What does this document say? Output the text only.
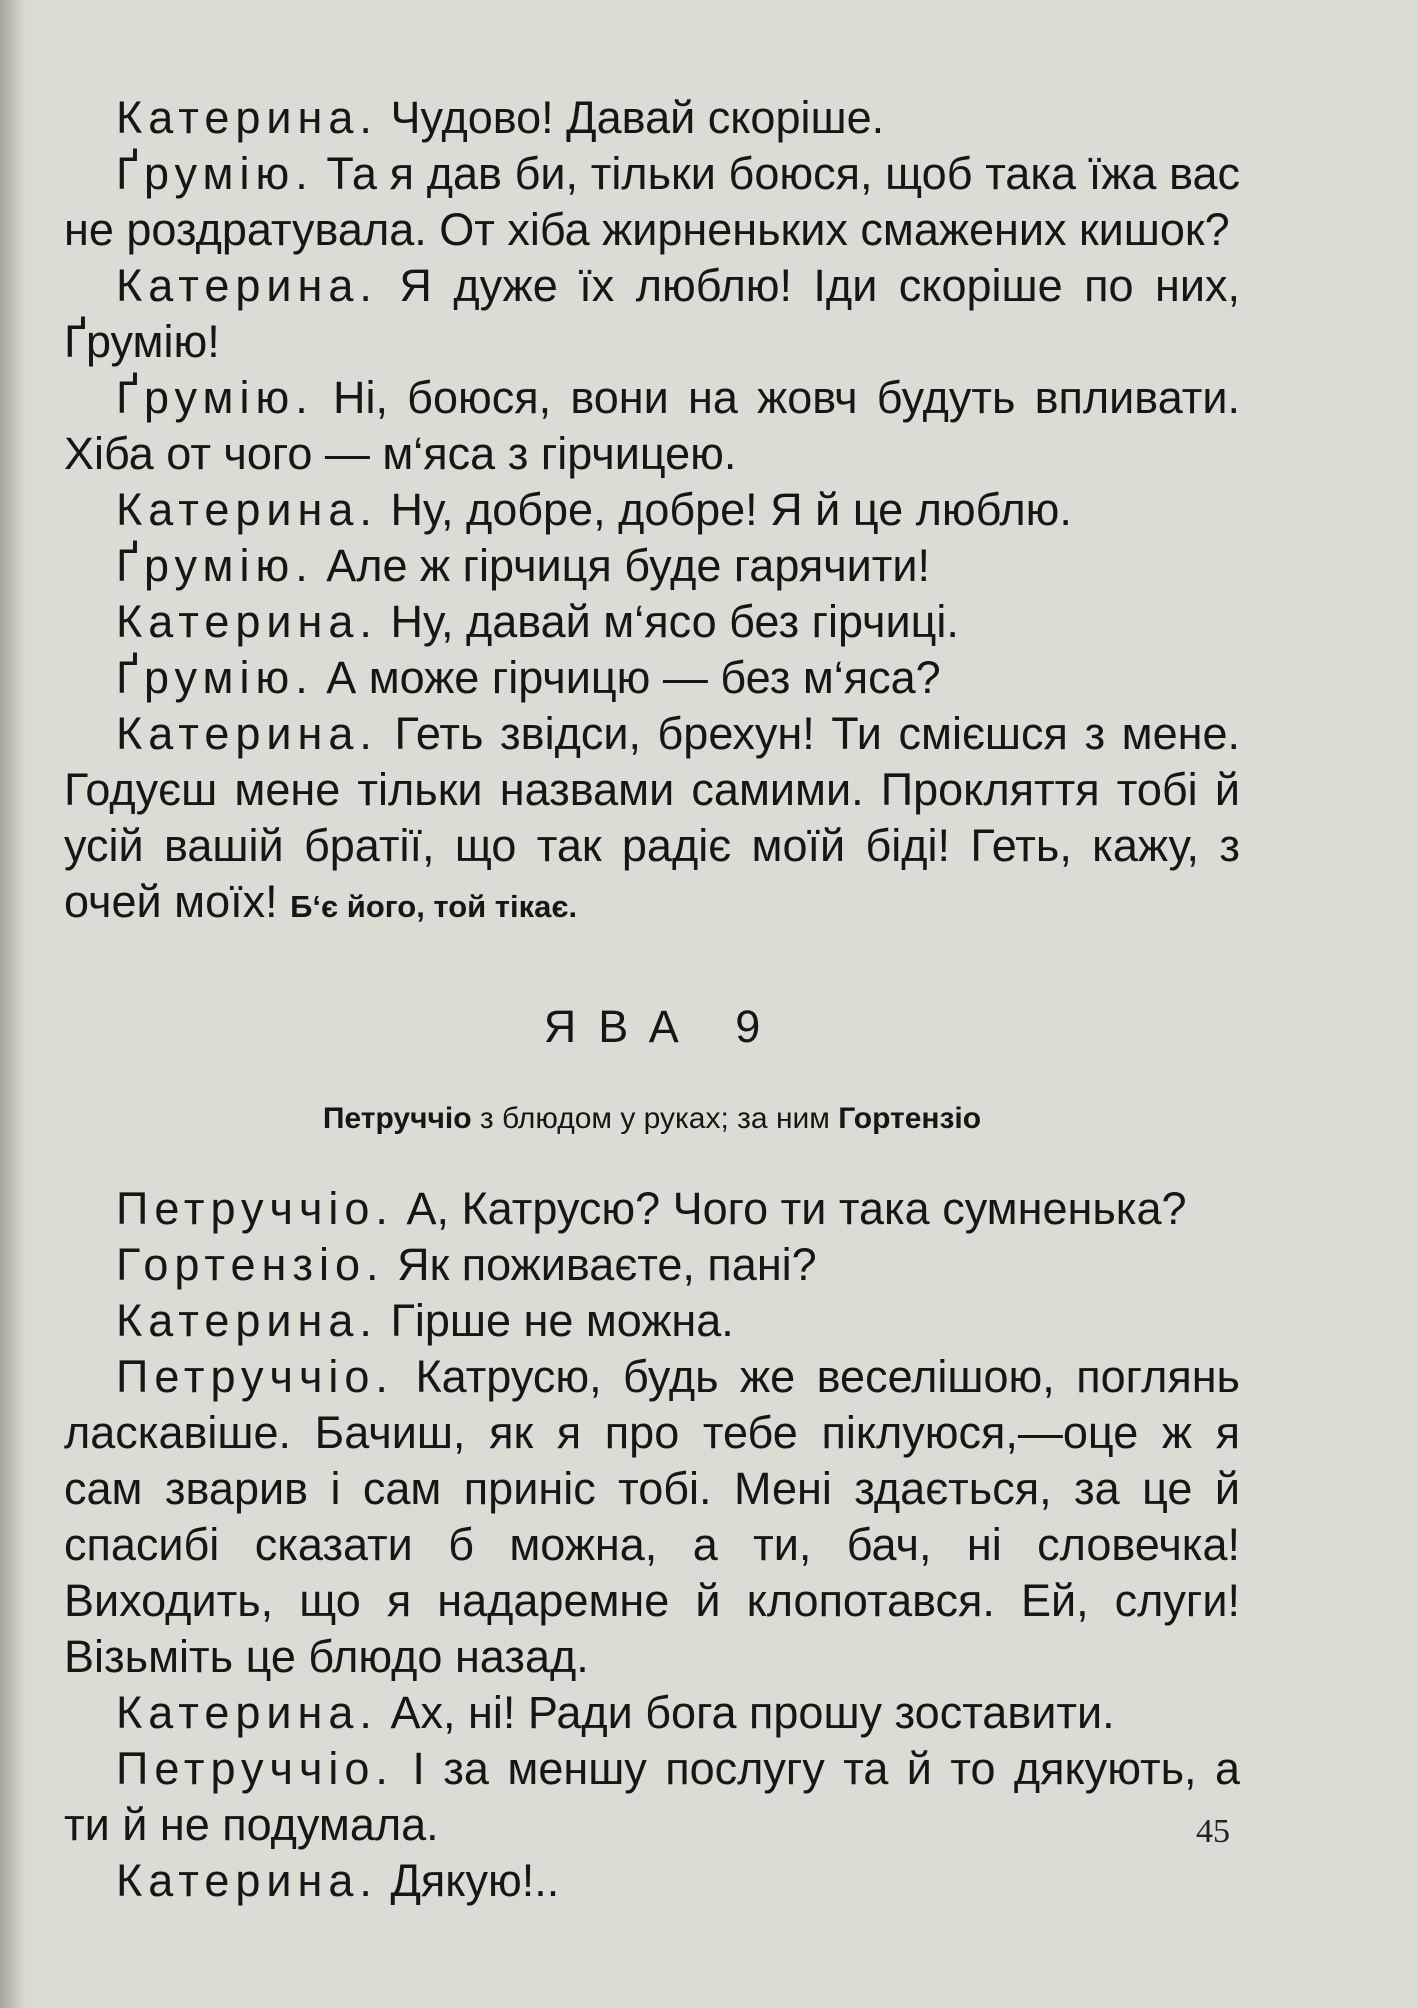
Катерина. Чудово! Давай скоріше.

Ґрумію. Та я дав би, тільки боюся, щоб така їжа вас не роздратувала. От хіба жирненьких смажених кишок?

Катерина. Я дуже їх люблю! Іди скоріше по них, Ґрумію!

Ґрумію. Ні, боюся, вони на жовч будуть впливати. Хіба от чого — м‘яса з гірчицею.

Катерина. Ну, добре, добре! Я й це люблю.

Ґрумію. Але ж гірчиця буде гарячити!

Катерина. Ну, давай м‘ясо без гірчиці.

Ґрумію. А може гірчицю — без м‘яса?

Катерина. Геть звідси, брехун! Ти смієшся з мене. Годуєш мене тільки назвами самими. Прокляття тобі й усій вашій братії, що так радіє моїй біді! Геть, кажу, з очей моїх! Б‘є його, той тікає.

ЯВА 9
Петруччіо з блюдом у руках; за ним Гортензіо

Петруччіо. А, Катрусю? Чого ти така сумненька?

Гортензіо. Як поживаєте, пані?

Катерина. Гірше не можна.

Петруччіо. Катрусю, будь же веселішою, поглянь ласкавіше. Бачиш, як я про тебе піклуюся,—оце ж я сам зварив і сам приніс тобі. Мені здається, за це й спасибі сказати б можна, а ти, бач, ні словечка! Виходить, що я надаремне й клопотався. Ей, слуги! Візьміть це блюдо назад.

Катерина. Ах, ні! Ради бога прошу зоставити.

Петруччіо. І за меншу послугу та й то дякують, а ти й не подумала.

Катерина. Дякую!..

45
